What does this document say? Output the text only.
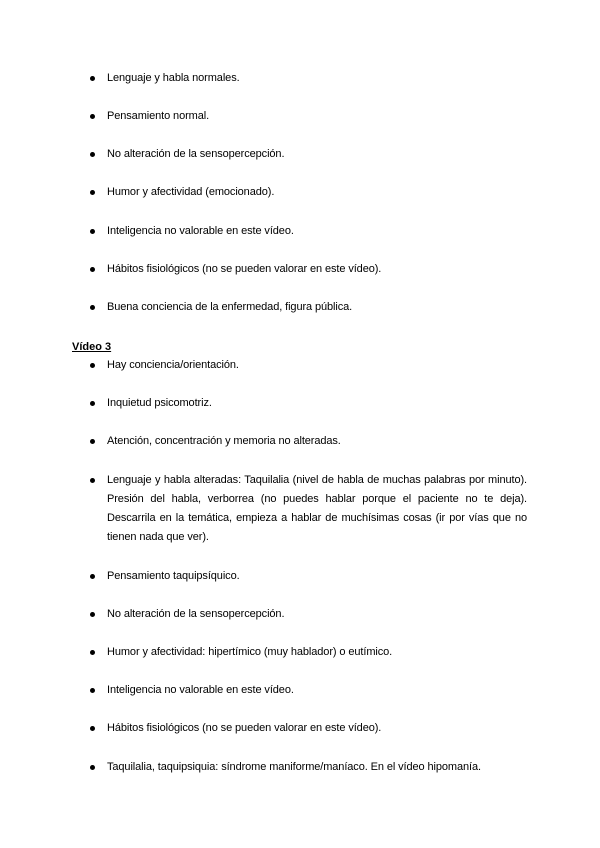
Lenguaje y habla normales.
Pensamiento normal.
No alteración de la sensopercepción.
Humor y afectividad (emocionado).
Inteligencia no valorable en este vídeo.
Hábitos fisiológicos (no se pueden valorar en este vídeo).
Buena conciencia de la enfermedad, figura pública.
Vídeo 3
Hay conciencia/orientación.
Inquietud psicomotriz.
Atención, concentración y memoria no alteradas.
Lenguaje y habla alteradas: Taquilalia (nivel de habla de muchas palabras por minuto). Presión del habla, verborrea (no puedes hablar porque el paciente no te deja). Descarrila en la temática, empieza a hablar de muchísimas cosas (ir por vías que no tienen nada que ver).
Pensamiento taquipsíquico.
No alteración de la sensopercepción.
Humor y afectividad: hipertímico (muy hablador) o eutímico.
Inteligencia no valorable en este vídeo.
Hábitos fisiológicos (no se pueden valorar en este vídeo).
Taquilalia, taquipsiquia: síndrome maniforme/maníaco. En el vídeo hipomanía.
